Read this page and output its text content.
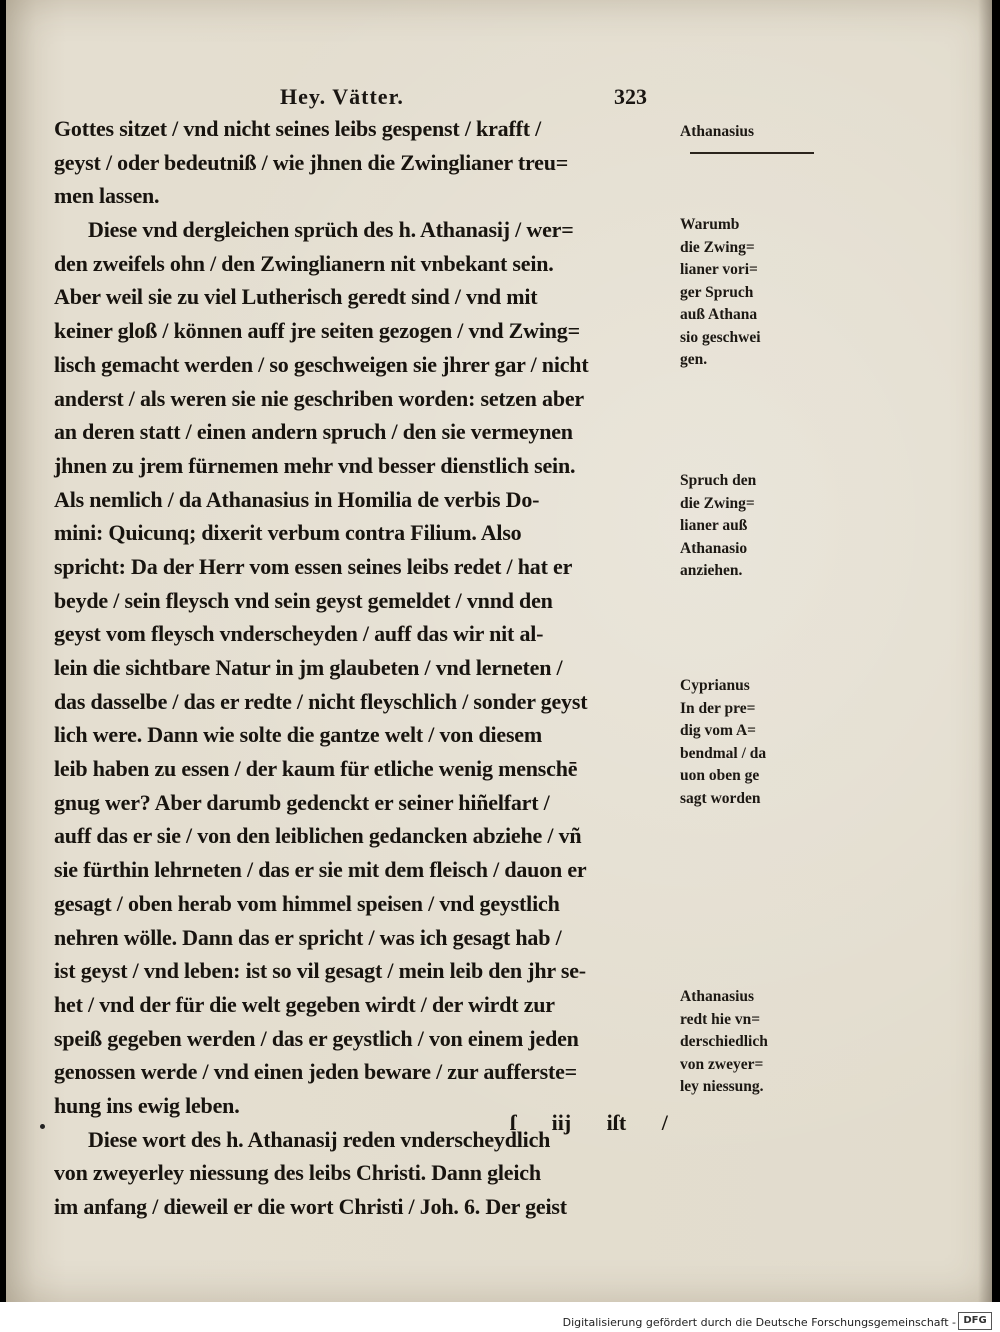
Hey. Vätter.	323
Gottes sitzet / vnd nicht seines leibs gespenst / krafft /
geyst / oder bedeutniß / wie jhnen die Zwinglianer treu=
men lassen.
Diese vnd dergleichen sprüch des h. Athanasij / wer=
den zweifels ohn / den Zwinglianern nit vnbekant sein.
Aber weil sie zu viel Lutherisch geredt sind / vnd mit
keiner gloß / können auff jre seiten gezogen / vnd Zwing=
lisch gemacht werden / so geschweigen sie jhrer gar / nicht
anderst / als weren sie nie geschriben worden: setzen aber
an deren statt / einen andern spruch / den sie vermeynen
jhnen zu jrem fürnemen mehr vnd besser dienstlich sein.
Als nemlich / da Athanasius in Homilia de verbis Do-
mini: Quicunq; dixerit verbum contra Filium. Also
spricht: Da der Herr vom essen seines leibs redet / hat er
beyde / sein fleysch vnd sein geyst gemeldet / vnnd den
geyst vom fleysch vnderscheyden / auff das wir nit al-
lein die sichtbare Natur in jm glaubeten / vnd lerneten /
das dasselbe / das er redte / nicht fleyschlich / sonder geyst
lich were. Dann wie solte die gantze welt / von diesem
leib haben zu essen / der kaum für etliche wenig menschē
gnug wer? Aber darumb gedenckt er seiner hiñelfart /
auff das er sie / von den leiblichen gedancken abziehe / vñ
sie fürthin lehrneten / das er sie mit dem fleisch / dauon er
gesagt / oben herab vom himmel speisen / vnd geystlich
nehren wölle. Dann das er spricht / was ich gesagt hab /
ist geyst / vnd leben: ist so vil gesagt / mein leib den jhr se-
het / vnd der für die welt gegeben wirdt / der wirdt zur
speiß gegeben werden / das er geystlich / von einem jeden
genossen werde / vnd einen jeden beware / zur aufferste=
hung ins ewig leben.
Diese wort des h. Athanasij reden vnderscheydlich
von zweyerley niessung des leibs Christi. Dann gleich
im anfang / dieweil er die wort Christi / Joh. 6. Der geist
Athanasius
Warumb
die Zwing=
lianer vori=
ger Spruch
auß Athana
sio geschwei
gen.
Spruch den
die Zwing=
lianer auß
Athanasio
anziehen.
Cyprianus
In der pre=
dig vom A=
bendmal / da
uon oben ge
sagt worden
Athanasius
redt hie vn=
derschiedlich
von zweyer=
ley niessung.
ſ iij iſt /
Digitalisierung gefördert durch die Deutsche Forschungsgemeinschaft - DFG
